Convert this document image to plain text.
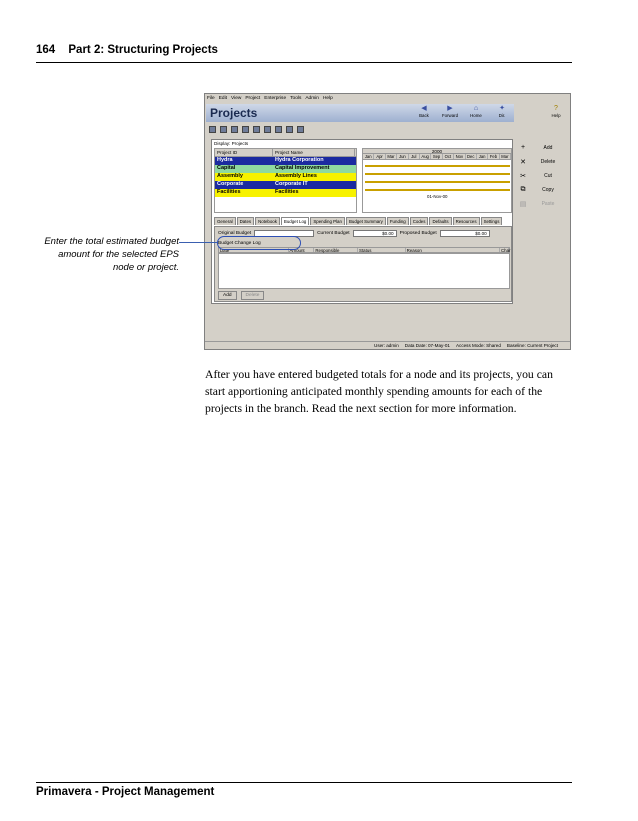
164 Part 2: Structuring Projects
File Edit View Project Enterprise Tools Admin Help
Projects	◀
Back
▶
Forward
⌂
Home
✦
Dir.
?
Help
Display: Projects
Project ID	Project Name
Hydra	Hydra Corporation
Capital	Capital Improvement
Assembly	Assembly Lines
Corporate	Corporate IT
Facilities	Facilities
2000
Jan	Apr	Mar	Jun	Jul	Aug Sep	Oct	Nov Dec	Jan	Feb Mar
01-Nov-00
General	Dates	Notebook	Budget Log	Spending Plan	Budget Summary	Funding	Codes	Defaults	Resources	Settings
Original Budget	Current Budget	$0.00	Proposed Budget	$0.00
Budget Change Log
Date	Amount	Responsible	Status	Reason	Char
Add	Delete
+	Add
✕	Delete
✂	Cut
⧉	Copy
▤	Paste
User: admin Data Date: 07-May-01 Access Mode: Shared Baseline: Current Project
Enter the total estimated budget amount for the selected EPS node or project.
After you have entered budgeted totals for a node and its projects, you can start apportioning anticipated monthly spending amounts for each of the projects in the branch. Read the next section for more information.
Primavera - Project Management
